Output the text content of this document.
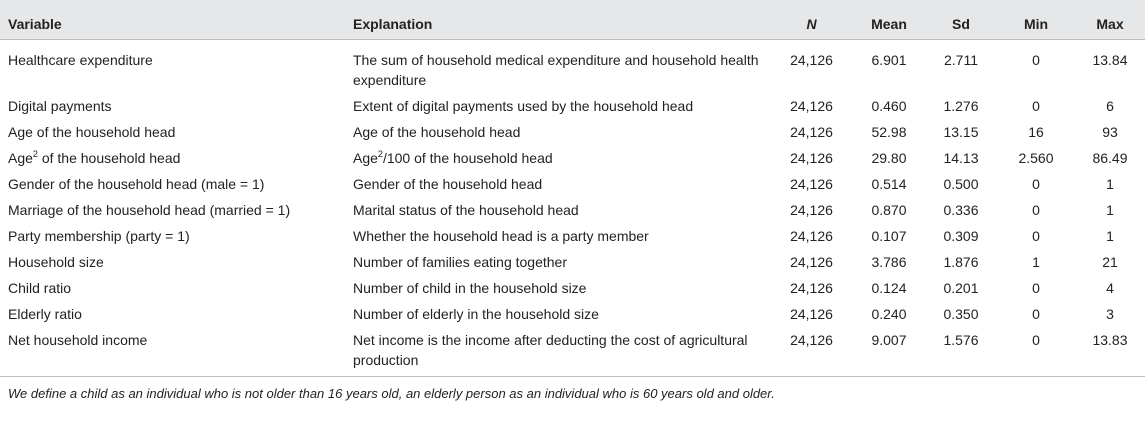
Variable	Explanation	N	Mean	Sd	Min	Max
Healthcare expenditure	The sum of household medical expenditure and household health expenditure	24,126	6.901	2.711	0	13.84
Digital payments	Extent of digital payments used by the household head	24,126	0.460	1.276	0	6
Age of the household head	Age of the household head	24,126	52.98	13.15	16	93
Age$^2$ of the household head	Age$^2$/100 of the household head	24,126	29.80	14.13	2.560	86.49
Gender of the household head (male = 1)	Gender of the household head	24,126	0.514	0.500	0	1
Marriage of the household head (married = 1)	Marital status of the household head	24,126	0.870	0.336	0	1
Party membership (party = 1)	Whether the household head is a party member	24,126	0.107	0.309	0	1
Household size	Number of families eating together	24,126	3.786	1.876	1	21
Child ratio	Number of child in the household size	24,126	0.124	0.201	0	4
Elderly ratio	Number of elderly in the household size	24,126	0.240	0.350	0	3
Net household income	Net income is the income after deducting the cost of agricultural production	24,126	9.007	1.576	0	13.83
We define a child as an individual who is not older than 16 years old, an elderly person as an individual who is 60 years old and older.
